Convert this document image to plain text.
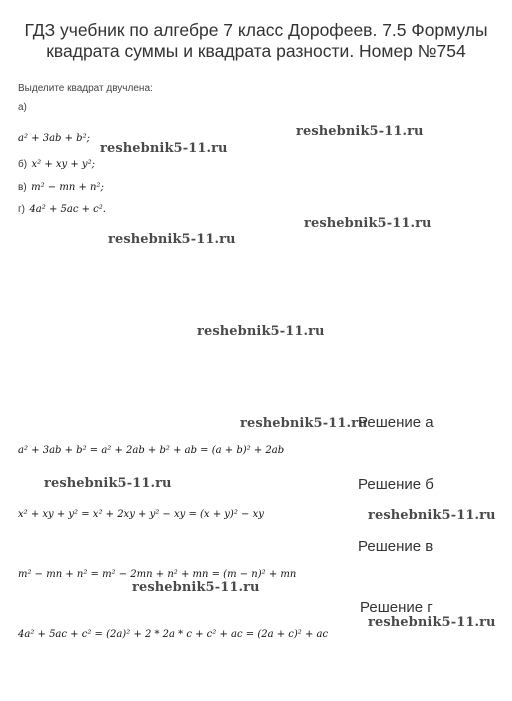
ГДЗ учебник по алгебре 7 класс Дорофеев. 7.5 Формулы
квадрата суммы и квадрата разности. Номер №754
Выделите квадрат двучлена:
а)
a² + 3ab + b²;
б) x² + xy + y²;
в) m² − mn + n²;
г) 4a² + 5ac + c².
reshebnik5-11.ru
reshebnik5-11.ru
reshebnik5-11.ru
reshebnik5-11.ru
reshebnik5-11.ru
reshebnik5-11.ru
Решение а
a² + 3ab + b² = a² + 2ab + b² + ab = (a + b)² + 2ab
reshebnik5-11.ru	Решение б
x² + xy + y² = x² + 2xy + y² − xy = (x + y)² − xy	reshebnik5-11.ru
Решение в
m² − mn + n² = m² − 2mn + n² + mn = (m − n)² + mn
reshebnik5-11.ru
Решение г
reshebnik5-11.ru
4a² + 5ac + c² = (2a)² + 2 * 2a * c + c² + ac = (2a + c)² + ac
